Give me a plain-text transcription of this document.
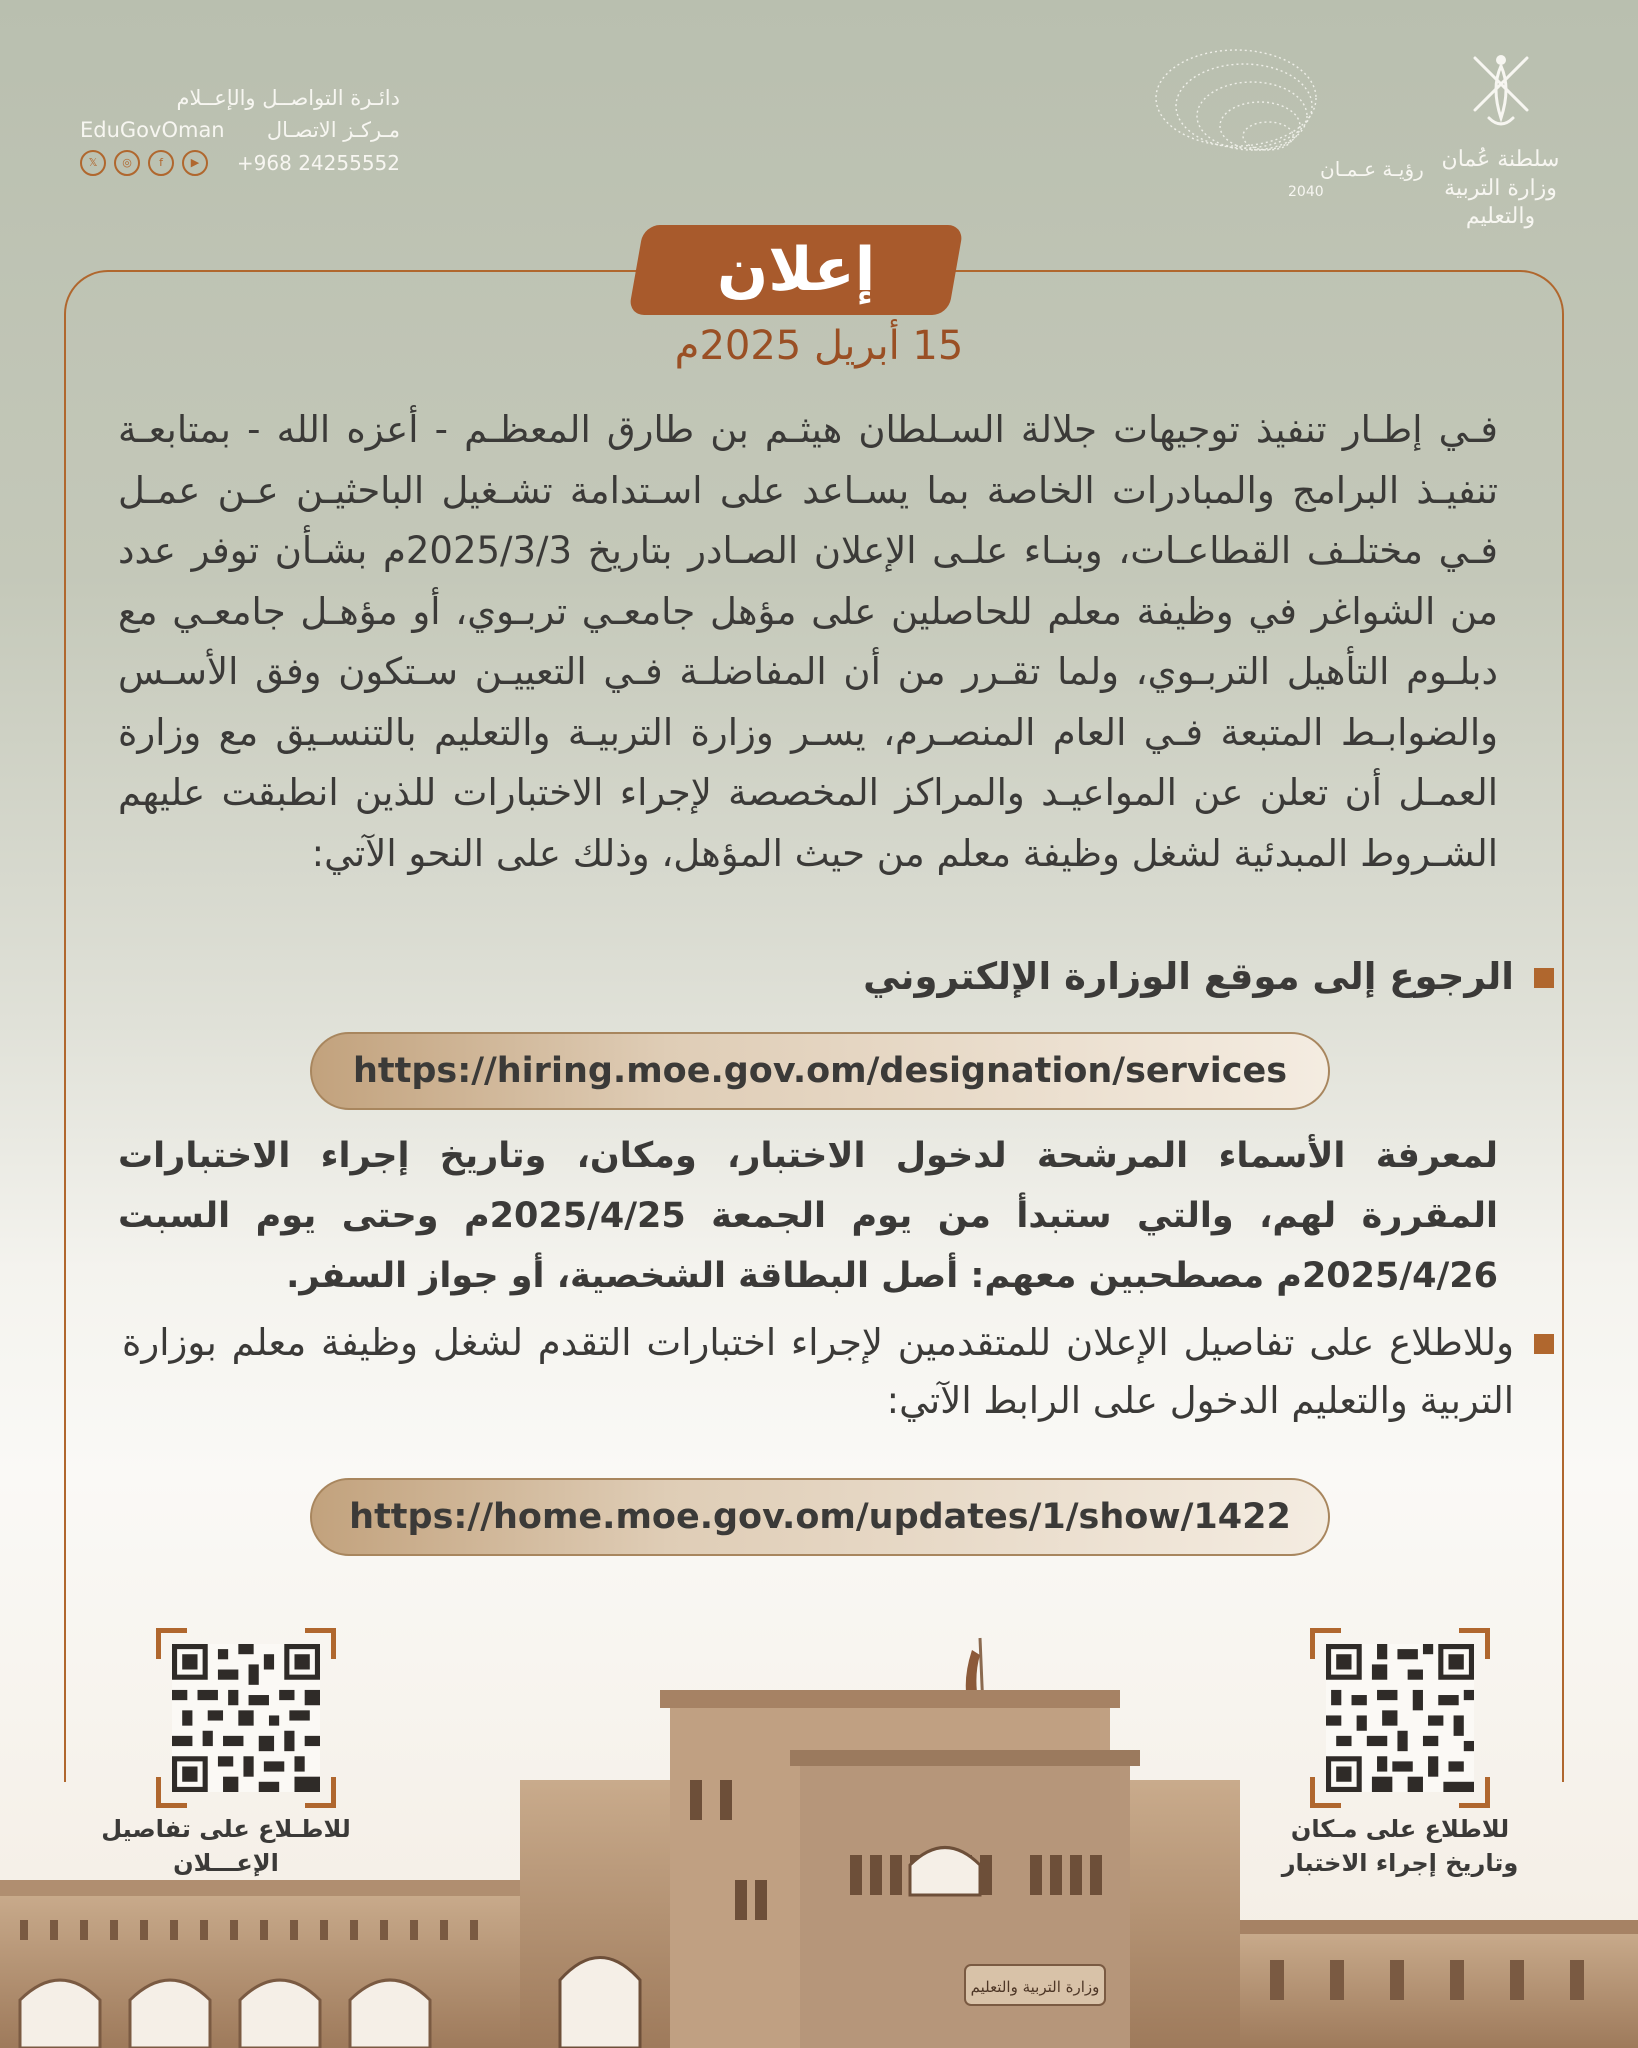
دائـرة التواصــل والإعــلام
EduGovOman مـركـز الاتصـال
𝕏	◎	f	▶	+968 24255552	رؤيـة عـمـان
2040
سلطنة عُمان
وزارة التربية والتعليم
إعلان
15 أبريل 2025م

فـي إطـار تنفيذ توجيهات جلالة السـلطان هيثـم بن طارق المعظـم - أعزه الله - بمتابعـة تنفيـذ البرامج والمبادرات الخاصة بما يسـاعد على اسـتدامة تشـغيل الباحثيـن عـن عمـل فـي مختلـف القطاعـات، وبنـاء علـى الإعلان الصـادر بتاريخ 2025/3/3م بشـأن توفر عدد من الشواغر في وظيفة معلم للحاصلين على مؤهل جامعـي تربـوي، أو مؤهـل جامعـي مع دبلـوم التأهيل التربـوي، ولما تقـرر من أن المفاضلـة فـي التعييـن سـتكون وفق الأسـس والضوابـط المتبعة فـي العام المنصـرم، يسـر وزارة التربيـة والتعليم بالتنسـيق مع وزارة العمـل أن تعلن عن المواعيـد والمراكز المخصصة لإجراء الاختبارات للذين انطبقت عليهم الشـروط المبدئية لشغل وظيفة معلم من حيث المؤهل، وذلك على النحو الآتي:

الرجوع إلى موقع الوزارة الإلكتروني
https://hiring.moe.gov.om/designation/services

لمعرفة الأسماء المرشحة لدخول الاختبار، ومكان، وتاريخ إجراء الاختبارات المقررة لهم، والتي ستبدأ من يوم الجمعة 2025/4/25م وحتى يوم السبت 2025/4/26م مصطحبين معهم: أصل البطاقة الشخصية، أو جواز السفر.

وللاطلاع على تفاصيل الإعلان للمتقدمين لإجراء اختبارات التقدم لشغل وظيفة معلم بوزارة التربية والتعليم الدخول على الرابط الآتي:
https://home.moe.gov.om/updates/1/show/1422
وزارة التربية والتعليم
للاطـلاع على تفاصيل
الإعـــلان
للاطلاع على مـكان
وتاريخ إجراء الاختبار
